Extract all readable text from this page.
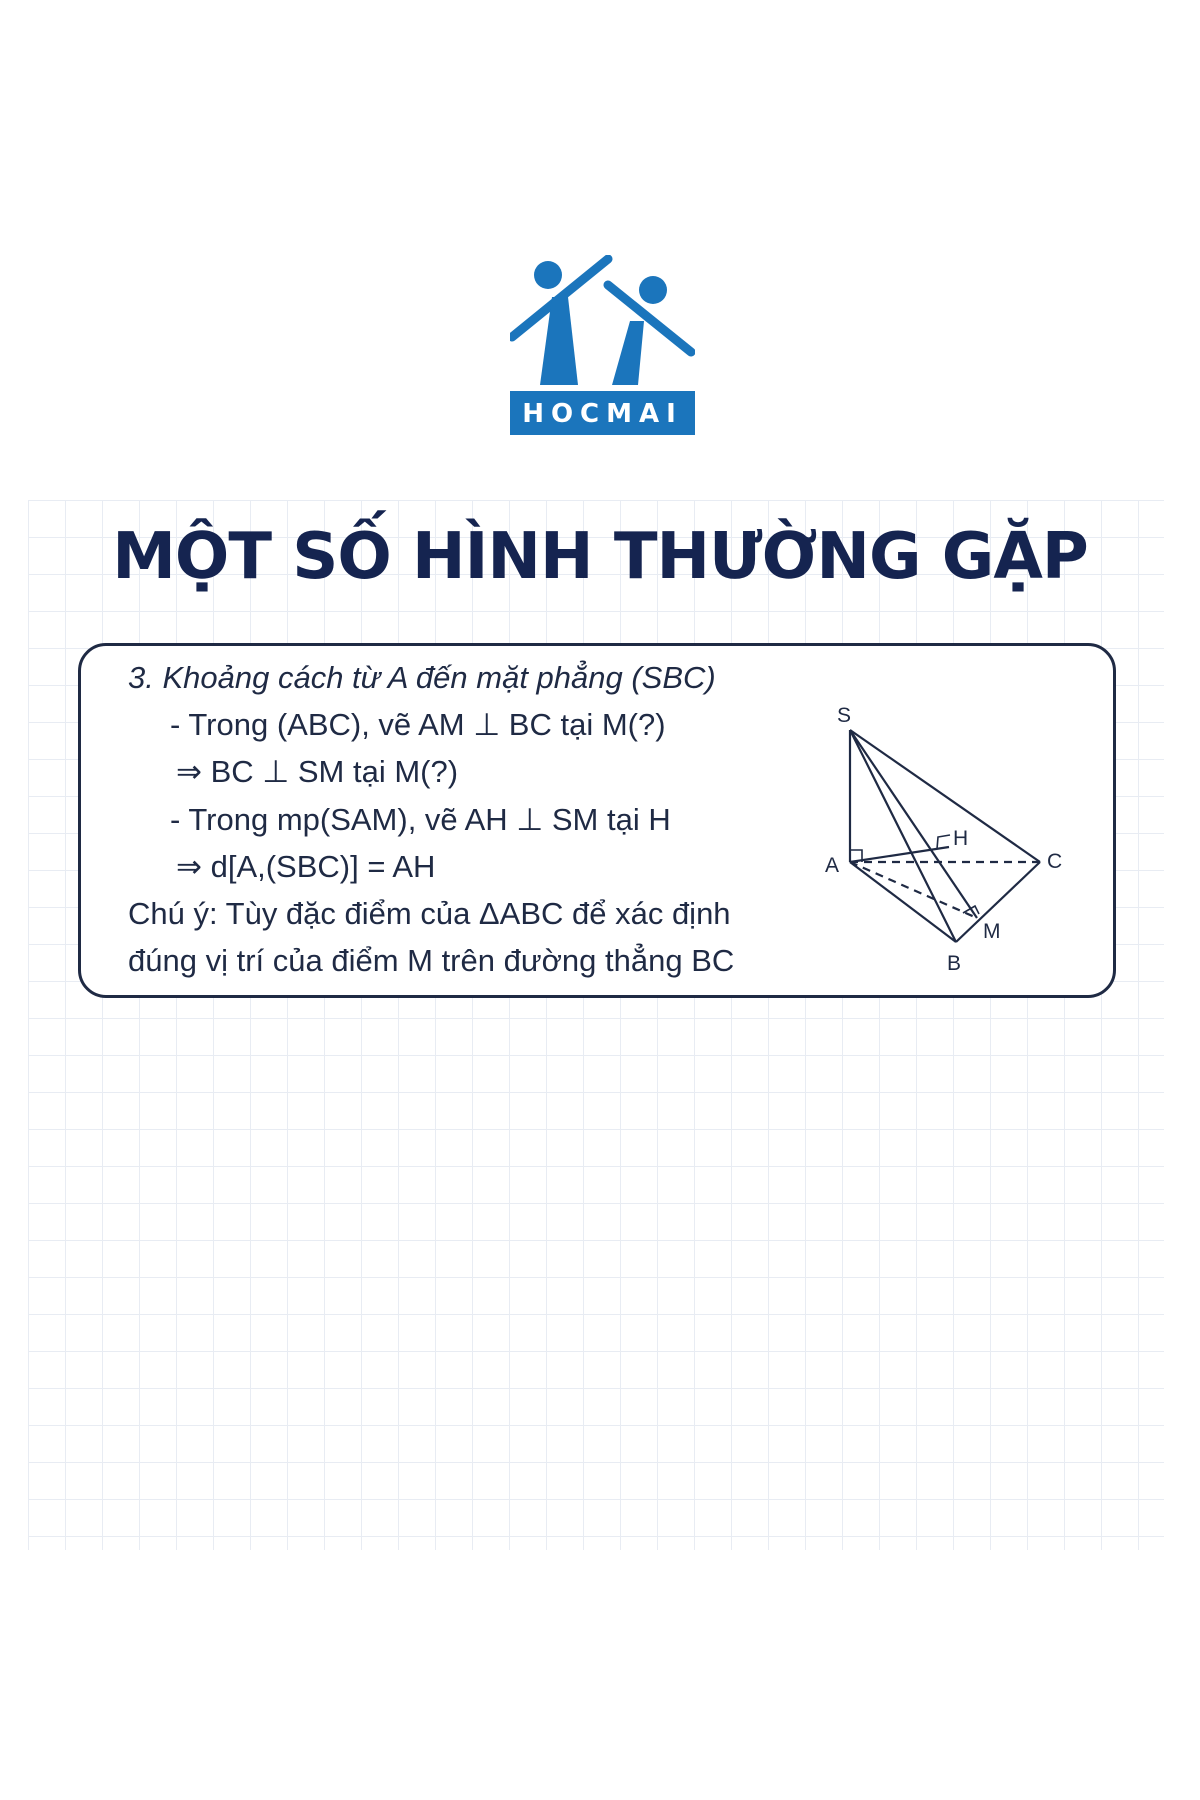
HOCMAI
MỘT SỐ HÌNH THƯỜNG GẶP
3. Khoảng cách từ A đến mặt phẳng (SBC)
- Trong (ABC), vẽ AM ⊥ BC tại M(?)
⇒ BC ⊥ SM tại M(?)
- Trong mp(SAM), vẽ AH ⊥ SM tại H
⇒ d[A,(SBC)] = AH
Chú ý: Tùy đặc điểm của ΔABC để xác định
đúng vị trí của điểm M trên đường thẳng BC
S
A
B
C
H
M
